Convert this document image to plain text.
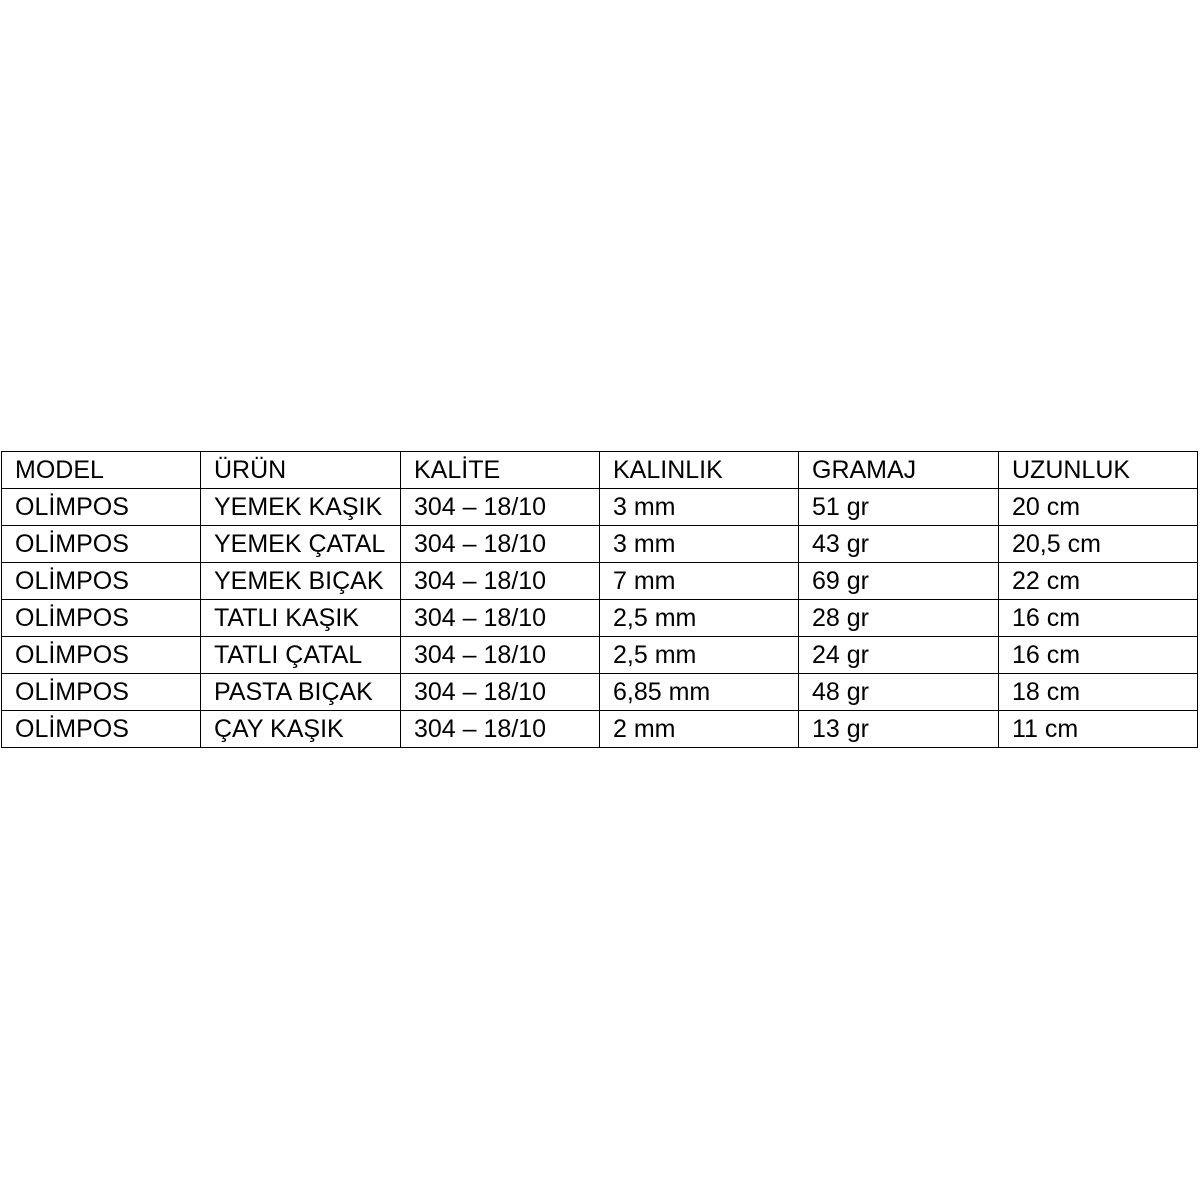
MODEL	ÜRÜN	KALİTE	KALINLIK	GRAMAJ	UZUNLUK
OLİMPOS	YEMEK KAŞIK	304 – 18/10	3 mm	51 gr	20 cm
OLİMPOS	YEMEK ÇATAL	304 – 18/10	3 mm	43 gr	20,5 cm
OLİMPOS	YEMEK BIÇAK	304 – 18/10	7 mm	69 gr	22 cm
OLİMPOS	TATLI KAŞIK	304 – 18/10	2,5 mm	28 gr	16 cm
OLİMPOS	TATLI ÇATAL	304 – 18/10	2,5 mm	24 gr	16 cm
OLİMPOS	PASTA BIÇAK	304 – 18/10	6,85 mm	48 gr	18 cm
OLİMPOS	ÇAY KAŞIK	304 – 18/10	2 mm	13 gr	11 cm
